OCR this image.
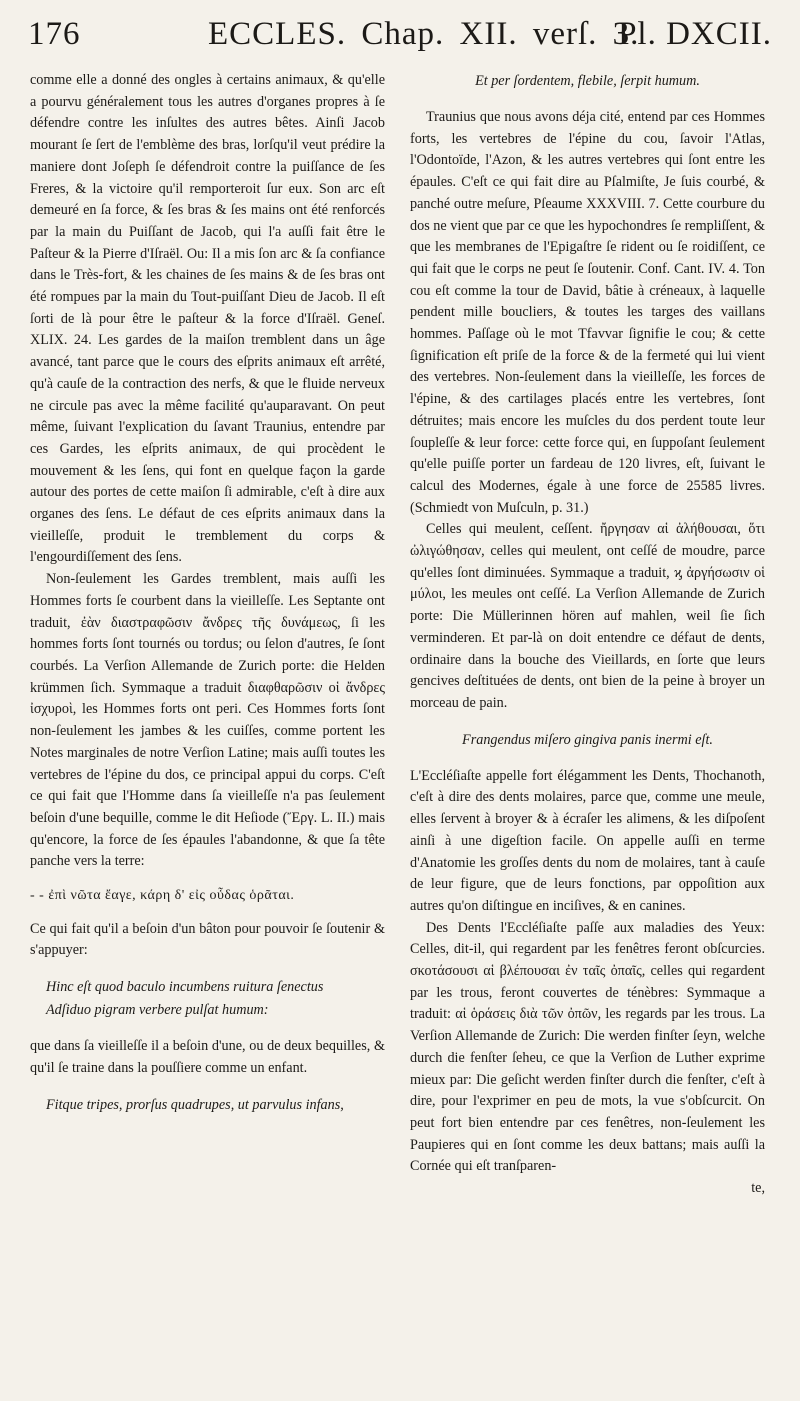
176	ECCLES. Chap. XII. verſ. 3.
Pl. DXCII.

comme elle a donné des ongles à certains animaux, & qu'elle a pourvu généralement tous les autres d'organes propres à ſe défendre contre les inſultes des autres bêtes. Ainſi Jacob mourant ſe ſert de l'emblème des bras, lorſqu'il veut prédire la maniere dont Joſeph ſe défendroit contre la puiſſance de ſes Freres, & la victoire qu'il remporteroit ſur eux. Son arc eſt demeuré en ſa force, & ſes bras & ſes mains ont été renforcés par la main du Puiſſant de Jacob, qui l'a auſſi fait être le Paſteur & la Pierre d'Iſraël. Ou: Il a mis ſon arc & ſa confiance dans le Très-fort, & les chaines de ſes mains & de ſes bras ont été rompues par la main du Tout-puiſſant Dieu de Jacob. Il eſt ſorti de là pour être le paſteur & la force d'Iſraël. Geneſ. XLIX. 24. Les gardes de la maiſon tremblent dans un âge avancé, tant parce que le cours des eſprits animaux eſt arrêté, qu'à cauſe de la contraction des nerfs, & que le fluide nerveux ne circule pas avec la même facilité qu'auparavant. On peut même, ſuivant l'explication du ſavant Traunius, entendre par ces Gardes, les eſprits animaux, de qui procèdent le mouvement & les ſens, qui font en quelque façon la garde autour des portes de cette maiſon ſi admirable, c'eſt à dire aux organes des ſens. Le défaut de ces eſprits animaux dans la vieilleſſe, produit le tremblement du corps & l'engourdiſſement des ſens.

Non-ſeulement les Gardes tremblent, mais auſſi les Hommes forts ſe courbent dans la vieilleſſe. Les Septante ont traduit, ἐὰν διαστραφῶσιν ἄνδρες τῆς δυνάμεως, ſi les hommes forts ſont tournés ou tordus; ou ſelon d'autres, ſe ſont courbés. La Verſion Allemande de Zurich porte: die Helden krümmen ſich. Symmaque a traduit διαφθαρῶσιν οἱ ἄνδρες ἰσχυροὶ, les Hommes forts ont peri. Ces Hommes forts ſont non-ſeulement les jambes & les cuiſſes, comme portent les Notes marginales de notre Verſion Latine; mais auſſi toutes les vertebres de l'épine du dos, ce principal appui du corps. C'eſt ce qui fait que l'Homme dans ſa vieilleſſe n'a pas ſeulement beſoin d'une bequille, comme le dit Heſiode (Ἔργ. L. II.) mais qu'encore, la force de ſes épaules l'abandonne, & que ſa tête panche vers la terre:

- - ἐπὶ νῶτα ἔαγε, κάρη δ' εἰς οὖδας ὁρᾶται.

Ce qui fait qu'il a beſoin d'un bâton pour pouvoir ſe ſoutenir & s'appuyer:

Hinc eſt quod baculo incumbens ruitura ſenectus
Adſiduo pigram verbere pulſat humum:

que dans ſa vieilleſſe il a beſoin d'une, ou de deux bequilles, & qu'il ſe traine dans la pouſſiere comme un enfant.

Fitque tripes, prorſus quadrupes, ut parvulus infans,

Et per ſordentem, flebile, ſerpit humum.

Traunius que nous avons déja cité, entend par ces Hommes forts, les vertebres de l'épine du cou, ſavoir l'Atlas, l'Odontoïde, l'Azon, & les autres vertebres qui ſont entre les épaules. C'eſt ce qui fait dire au Pſalmiſte, Je ſuis courbé, & panché outre meſure, Pſeaume XXXVIII. 7. Cette courbure du dos ne vient que par ce que les hypochondres ſe rempliſſent, & que les membranes de l'Epigaſtre ſe rident ou ſe roidiſſent, ce qui fait que le corps ne peut ſe ſoutenir. Conf. Cant. IV. 4. Ton cou eſt comme la tour de David, bâtie à créneaux, à laquelle pendent mille boucliers, & toutes les targes des vaillans hommes. Paſſage où le mot Tfavvar ſignifie le cou; & cette ſignification eſt priſe de la force & de la fermeté qui lui vient des vertebres. Non-ſeulement dans la vieilleſſe, les forces de l'épine, & des cartilages placés entre les vertebres, ſont détruites; mais encore les muſcles du dos perdent toute leur ſoupleſſe & leur force: cette force qui, en ſuppoſant ſeulement qu'elle puiſſe porter un fardeau de 120 livres, eſt, ſuivant le calcul des Modernes, égale à une force de 25585 livres. (Schmiedt von Muſculn, p. 31.)

Celles qui meulent, ceſſent. ἤργησαν αἱ ἀλήθουσαι, ὅτι ὠλιγώθησαν, celles qui meulent, ont ceſſé de moudre, parce qu'elles ſont diminuées. Symmaque a traduit, ϗ ἀργήσωσιν οἱ μύλοι, les meules ont ceſſé. La Verſion Allemande de Zurich porte: Die Müllerinnen hören auf mahlen, weil ſie ſich verminderen. Et par-là on doit entendre ce défaut de dents, ordinaire dans la bouche des Vieillards, en ſorte que leurs gencives deſtituées de dents, ont bien de la peine à broyer un morceau de pain.

Frangendus miſero gingiva panis inermi eſt.

L'Eccléſiaſte appelle fort élégamment les Dents, Thochanoth, c'eſt à dire des dents molaires, parce que, comme une meule, elles ſervent à broyer & à écraſer les alimens, & les diſpoſent ainſi à une digeſtion facile. On appelle auſſi en terme d'Anatomie les groſſes dents du nom de molaires, tant à cauſe de leur figure, que de leurs fonctions, par oppoſition aux autres qu'on diſtingue en inciſives, & en canines.

Des Dents l'Eccléſiaſte paſſe aux maladies des Yeux: Celles, dit-il, qui regardent par les fenêtres feront obſcurcies. σκοτάσουσι αἱ βλέπουσαι ἐν ταῖς ὀπαῖς, celles qui regardent par les trous, feront couvertes de ténèbres: Symmaque a traduit: αἱ ὁράσεις διὰ τῶν ὀπῶν, les regards par les trous. La Verſion Allemande de Zurich: Die werden finſter ſeyn, welche durch die fenſter ſeheu, ce que la Verſion de Luther exprime mieux par: Die geſicht werden finſter durch die fenſter, c'eſt à dire, pour l'exprimer en peu de mots, la vue s'obſcurcit. On peut fort bien entendre par ces fenêtres, non-ſeulement les Paupieres qui en ſont comme les deux battans; mais auſſi la Cornée qui eſt tranſparen-

te,
